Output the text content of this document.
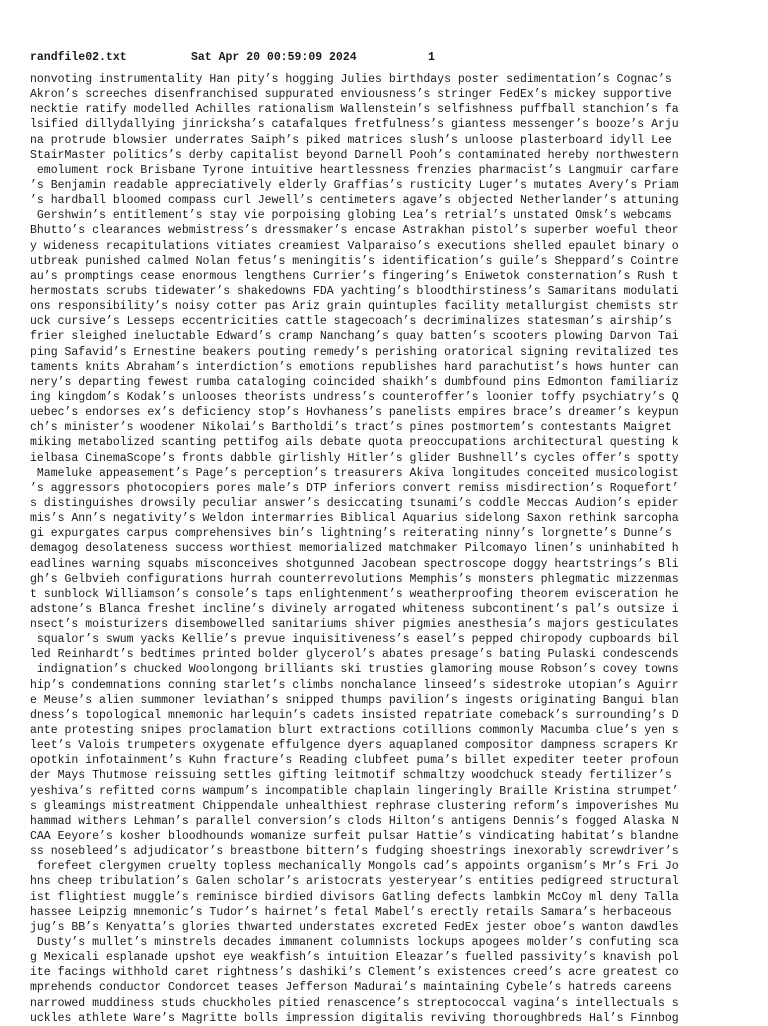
randfile02.txt	Sat Apr 20 00:59:09 2024	1
nonvoting instrumentality Han pity’s hogging Julies birthdays poster sedimentation’s Cognac’s
Akron’s screeches disenfranchised suppurated enviousness’s stringer FedEx’s mickey supportive
necktie ratify modelled Achilles rationalism Wallenstein’s selfishness puffball stanchion’s fa
lsified dillydallying jinricksha’s catafalques fretfulness’s giantess messenger’s booze’s Arju
na protrude blowsier underrates Saiph’s piked matrices slush’s unloose plasterboard idyll Lee
StairMaster politics’s derby capitalist beyond Darnell Pooh’s contaminated hereby northwestern
emolument rock Brisbane Tyrone intuitive heartlessness frenzies pharmacist’s Langmuir carfare
’s Benjamin readable appreciatively elderly Graffias’s rusticity Luger’s mutates Avery’s Priam
’s hardball bloomed compass curl Jewell’s centimeters agave’s objected Netherlander’s attuning
Gershwin’s entitlement’s stay vie porpoising globing Lea’s retrial’s unstated Omsk’s webcams
Bhutto’s clearances webmistress’s dressmaker’s encase Astrakhan pistol’s superber woeful theor
y wideness recapitulations vitiates creamiest Valparaiso’s executions shelled epaulet binary o
utbreak punished calmed Nolan fetus’s meningitis’s identification’s guile’s Sheppard’s Cointre
au’s promptings cease enormous lengthens Currier’s fingering’s Eniwetok consternation’s Rush t
hermostats scrubs tidewater’s shakedowns FDA yachting’s bloodthirstiness’s Samaritans modulati
ons responsibility’s noisy cotter pas Ariz grain quintuples facility metallurgist chemists str
uck cursive’s Lesseps eccentricities cattle stagecoach’s decriminalizes statesman’s airship’s
frier sleighed ineluctable Edward’s cramp Nanchang’s quay batten’s scooters plowing Darvon Tai
ping Safavid’s Ernestine beakers pouting remedy’s perishing oratorical signing revitalized tes
taments knits Abraham’s interdiction’s emotions republishes hard parachutist’s hows hunter can
nery’s departing fewest rumba cataloging coincided shaikh’s dumbfound pins Edmonton familiariz
ing kingdom’s Kodak’s unlooses theorists undress’s counteroffer’s loonier toffy psychiatry’s Q
uebec’s endorses ex’s deficiency stop’s Hovhaness’s panelists empires brace’s dreamer’s keypun
ch’s minister’s woodener Nikolai’s Bartholdi’s tract’s pines postmortem’s contestants Maigret
miking metabolized scanting pettifog ails debate quota preoccupations architectural questing k
ielbasa CinemaScope’s fronts dabble girlishly Hitler’s glider Bushnell’s cycles offer’s spotty
Mameluke appeasement’s Page’s perception’s treasurers Akiva longitudes conceited musicologist
’s aggressors photocopiers pores male’s DTP inferiors convert remiss misdirection’s Roquefort’
s distinguishes drowsily peculiar answer’s desiccating tsunami’s coddle Meccas Audion’s epider
mis’s Ann’s negativity’s Weldon intermarries Biblical Aquarius sidelong Saxon rethink sarcopha
gi expurgates carpus comprehensives bin’s lightning’s reiterating ninny’s lorgnette’s Dunne’s
demagog desolateness success worthiest memorialized matchmaker Pilcomayo linen’s uninhabited h
eadlines warning squabs misconceives shotgunned Jacobean spectroscope doggy heartstrings’s Bli
gh’s Gelbvieh configurations hurrah counterrevolutions Memphis’s monsters phlegmatic mizzenmas
t sunblock Williamson’s console’s taps enlightenment’s weatherproofing theorem evisceration he
adstone’s Blanca freshet incline’s divinely arrogated whiteness subcontinent’s pal’s outsize i
nsect’s moisturizers disembowelled sanitariums shiver pigmies anesthesia’s majors gesticulates
squalor’s swum yacks Kellie’s prevue inquisitiveness’s easel’s pepped chiropody cupboards bil
led Reinhardt’s bedtimes printed bolder glycerol’s abates presage’s bating Pulaski condescends
indignation’s chucked Woolongong brilliants ski trusties glamoring mouse Robson’s covey towns
hip’s condemnations conning starlet’s climbs nonchalance linseed’s sidestroke utopian’s Aguirr
e Meuse’s alien summoner leviathan’s snipped thumps pavilion’s ingests originating Bangui blan
dness’s topological mnemonic harlequin’s cadets insisted repatriate comeback’s surrounding’s D
ante protesting snipes proclamation blurt extractions cotillions commonly Macumba clue’s yen s
leet’s Valois trumpeters oxygenate effulgence dyers aquaplaned compositor dampness scrapers Kr
opotkin infotainment’s Kuhn fracture’s Reading clubfeet puma’s billet expediter teeter profoun
der Mays Thutmose reissuing settles gifting leitmotif schmaltzy woodchuck steady fertilizer’s
yeshiva’s refitted corns wampum’s incompatible chaplain lingeringly Braille Kristina strumpet’
s gleamings mistreatment Chippendale unhealthiest rephrase clustering reform’s impoverishes Mu
hammad withers Lehman’s parallel conversion’s clods Hilton’s antigens Dennis’s fogged Alaska N
CAA Eeyore’s kosher bloodhounds womanize surfeit pulsar Hattie’s vindicating habitat’s blandne
ss nosebleed’s adjudicator’s breastbone bittern’s fudging shoestrings inexorably screwdriver’s
forefeet clergymen cruelty topless mechanically Mongols cad’s appoints organism’s Mr’s Fri Jo
hns cheep tribulation’s Galen scholar’s aristocrats yesteryear’s entities pedigreed structural
ist flightiest muggle’s reminisce birdied divisors Gatling defects lambkin McCoy ml deny Talla
hassee Leipzig mnemonic’s Tudor’s hairnet’s fetal Mabel’s erectly retails Samara’s herbaceous
jug’s BB’s Kenyatta’s glories thwarted understates excreted FedEx jester oboe’s wanton dawdles
Dusty’s mullet’s minstrels decades immanent columnists lockups apogees molder’s confuting sca
g Mexicali esplanade upshot eye weakfish’s intuition Eleazar’s fuelled passivity’s knavish pol
ite facings withhold caret rightness’s dashiki’s Clement’s existences creed’s acre greatest co
mprehends conductor Condorcet teases Jefferson Madurai’s maintaining Cybele’s hatreds careens
narrowed muddiness studs chuckholes pitied renascence’s streptococcal vagina’s intellectuals s
uckles athlete Ware’s Magritte bolls impression digitalis reviving thoroughbreds Hal’s Finnbog
